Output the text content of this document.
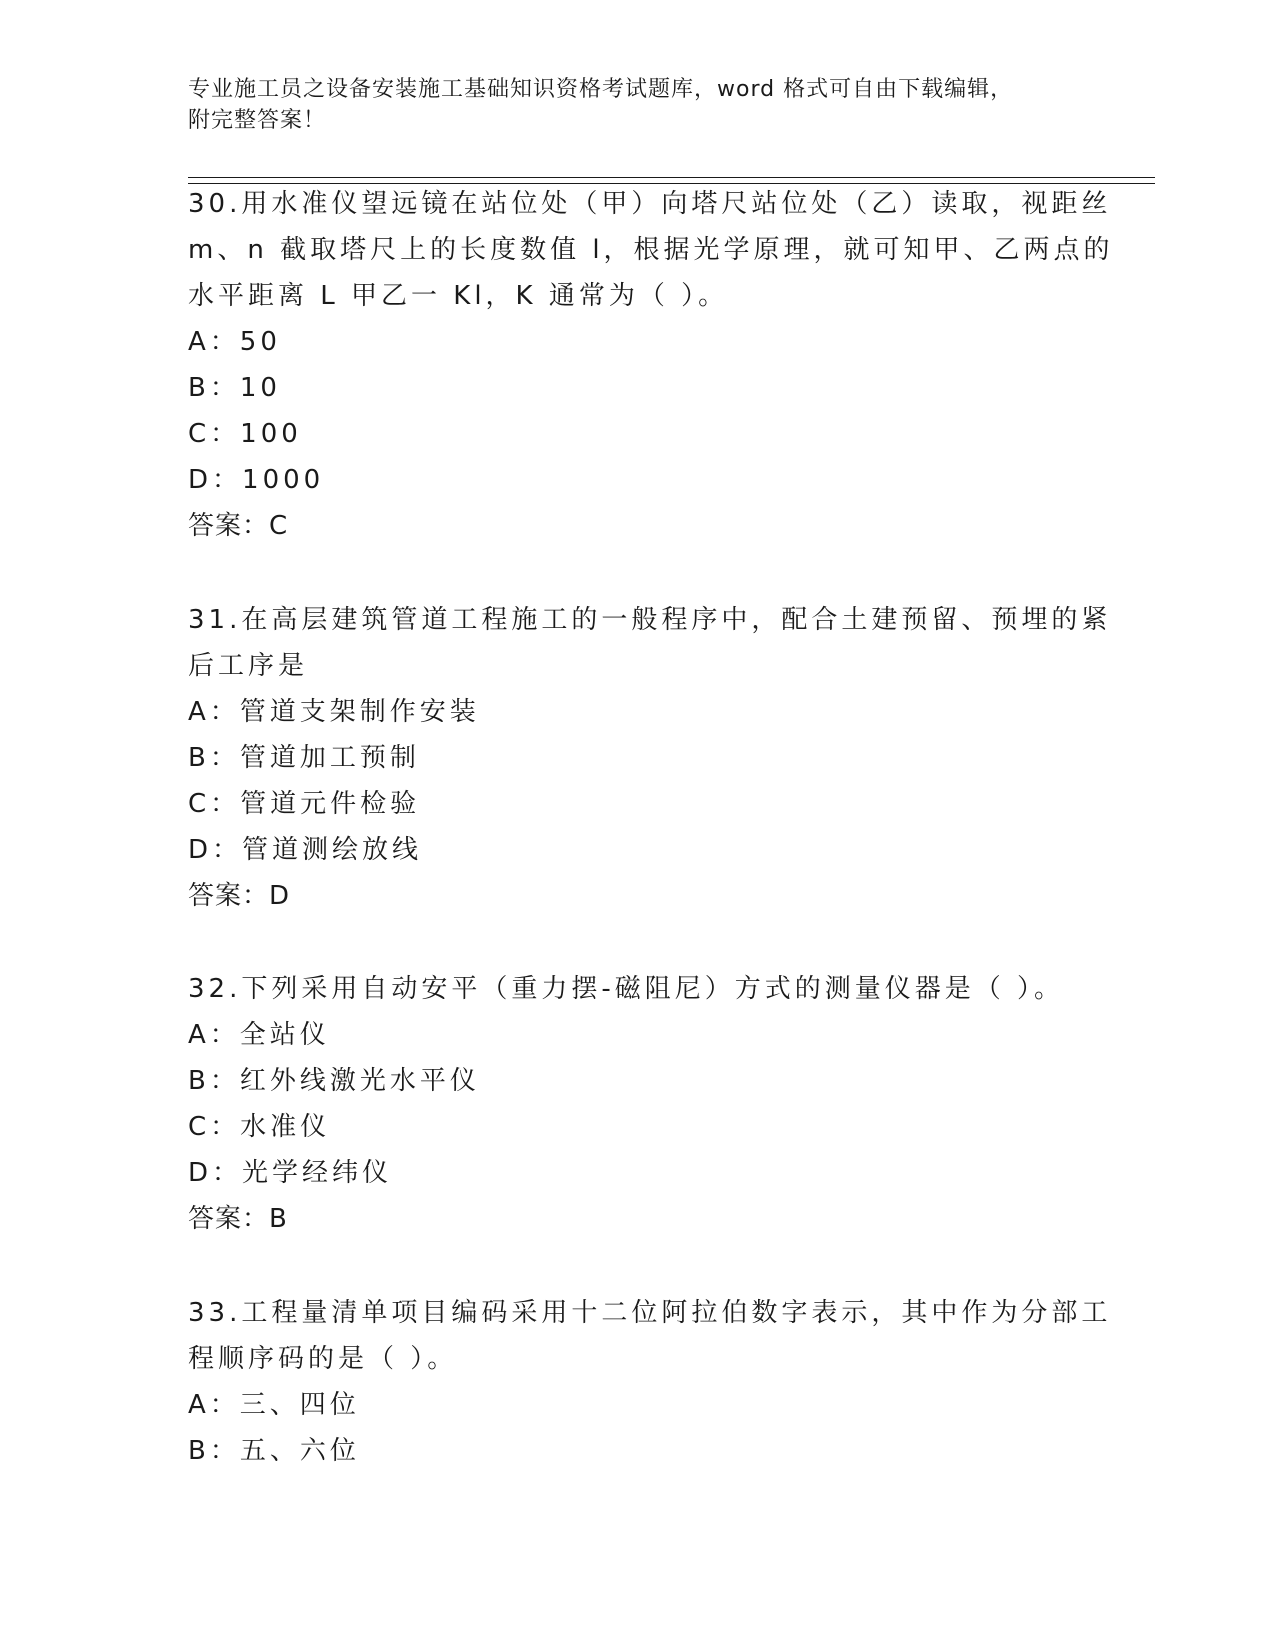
专业施工员之设备安装施工基础知识资格考试题库，word 格式可自由下载编辑，
附完整答案！
30.用水准仪望远镜在站位处（甲）向塔尺站位处（乙）读取，视距丝
m、n 截取塔尺上的长度数值 l，根据光学原理，就可知甲、乙两点的
水平距离 L 甲乙一 Kl，K 通常为（ ）。
A：50
B：10
C：100
D：1000
答案：C
31.在高层建筑管道工程施工的一般程序中，配合土建预留、预埋的紧
后工序是
A：管道支架制作安装
B：管道加工预制
C：管道元件检验
D：管道测绘放线
答案：D
32.下列采用自动安平（重力摆-磁阻尼）方式的测量仪器是（ ）。
A：全站仪
B：红外线激光水平仪
C：水准仪
D：光学经纬仪
答案：B
33.工程量清单项目编码采用十二位阿拉伯数字表示，其中作为分部工
程顺序码的是（ ）。
A：三、四位
B：五、六位
